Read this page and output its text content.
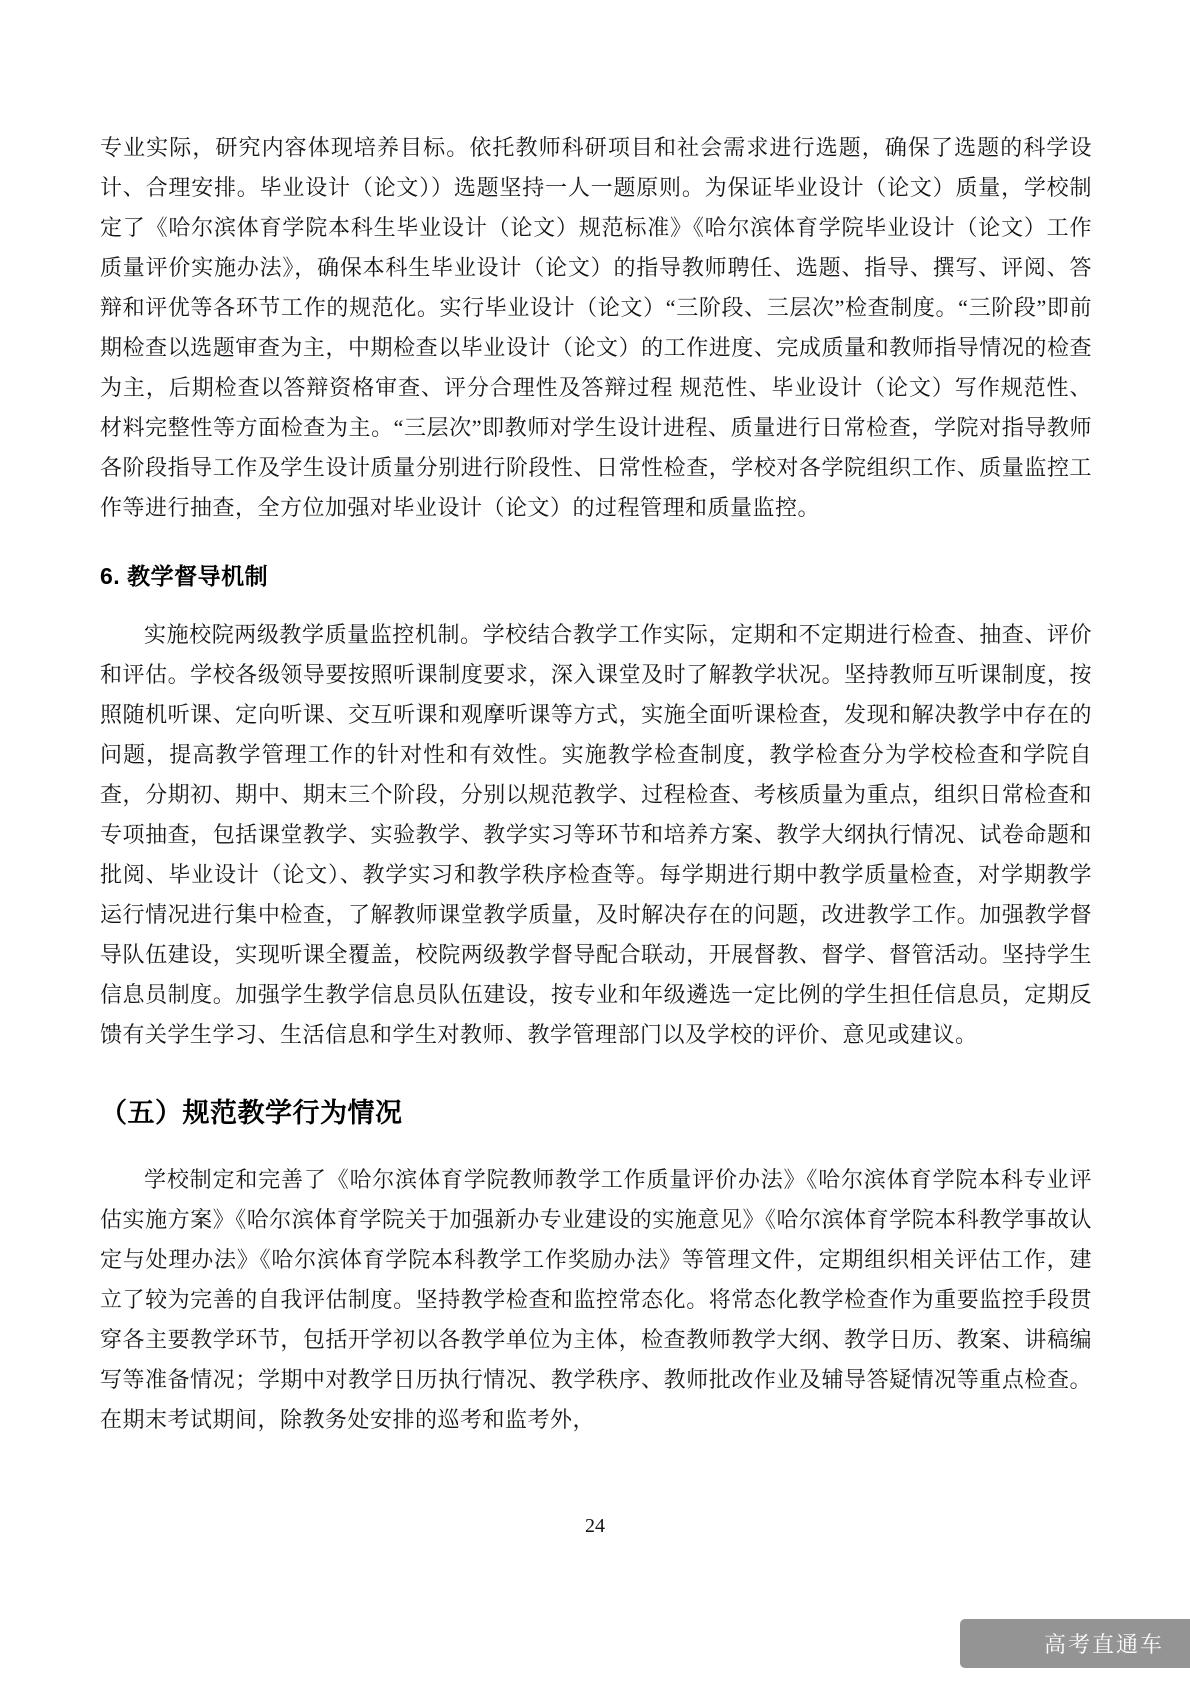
专业实际，研究内容体现培养目标。依托教师科研项目和社会需求进行选题，确保了选题的科学设计、合理安排。毕业设计（论文））选题坚持一人一题原则。为保证毕业设计（论文）质量，学校制定了《哈尔滨体育学院本科生毕业设计（论文）规范标准》《哈尔滨体育学院毕业设计（论文）工作质量评价实施办法》，确保本科生毕业设计（论文）的指导教师聘任、选题、指导、撰写、评阅、答辩和评优等各环节工作的规范化。实行毕业设计（论文）“三阶段、三层次”检查制度。“三阶段”即前期检查以选题审查为主，中期检查以毕业设计（论文）的工作进度、完成质量和教师指导情况的检查为主，后期检查以答辩资格审查、评分合理性及答辩过程 规范性、毕业设计（论文）写作规范性、材料完整性等方面检查为主。“三层次”即教师对学生设计进程、质量进行日常检查，学院对指导教师各阶段指导工作及学生设计质量分别进行阶段性、日常性检查，学校对各学院组织工作、质量监控工作等进行抽查，全方位加强对毕业设计（论文）的过程管理和质量监控。

6. 教学督导机制

实施校院两级教学质量监控机制。学校结合教学工作实际，定期和不定期进行检查、抽查、评价和评估。学校各级领导要按照听课制度要求，深入课堂及时了解教学状况。坚持教师互听课制度，按照随机听课、定向听课、交互听课和观摩听课等方式，实施全面听课检查，发现和解决教学中存在的问题，提高教学管理工作的针对性和有效性。实施教学检查制度，教学检查分为学校检查和学院自查，分期初、期中、期末三个阶段，分别以规范教学、过程检查、考核质量为重点，组织日常检查和专项抽查，包括课堂教学、实验教学、教学实习等环节和培养方案、教学大纲执行情况、试卷命题和批阅、毕业设计（论文）、教学实习和教学秩序检查等。每学期进行期中教学质量检查，对学期教学运行情况进行集中检查，了解教师课堂教学质量，及时解决存在的问题，改进教学工作。加强教学督导队伍建设，实现听课全覆盖，校院两级教学督导配合联动，开展督教、督学、督管活动。坚持学生信息员制度。加强学生教学信息员队伍建设，按专业和年级遴选一定比例的学生担任信息员，定期反馈有关学生学习、生活信息和学生对教师、教学管理部门以及学校的评价、意见或建议。

（五）规范教学行为情况

学校制定和完善了《哈尔滨体育学院教师教学工作质量评价办法》《哈尔滨体育学院本科专业评估实施方案》《哈尔滨体育学院关于加强新办专业建设的实施意见》《哈尔滨体育学院本科教学事故认定与处理办法》《哈尔滨体育学院本科教学工作奖励办法》等管理文件，定期组织相关评估工作，建立了较为完善的自我评估制度。坚持教学检查和监控常态化。将常态化教学检查作为重要监控手段贯穿各主要教学环节，包括开学初以各教学单位为主体，检查教师教学大纲、教学日历、教案、讲稿编写等准备情况；学期中对教学日历执行情况、教学秩序、教师批改作业及辅导答疑情况等重点检查。在期末考试期间，除教务处安排的巡考和监考外，

24
高考直通车
